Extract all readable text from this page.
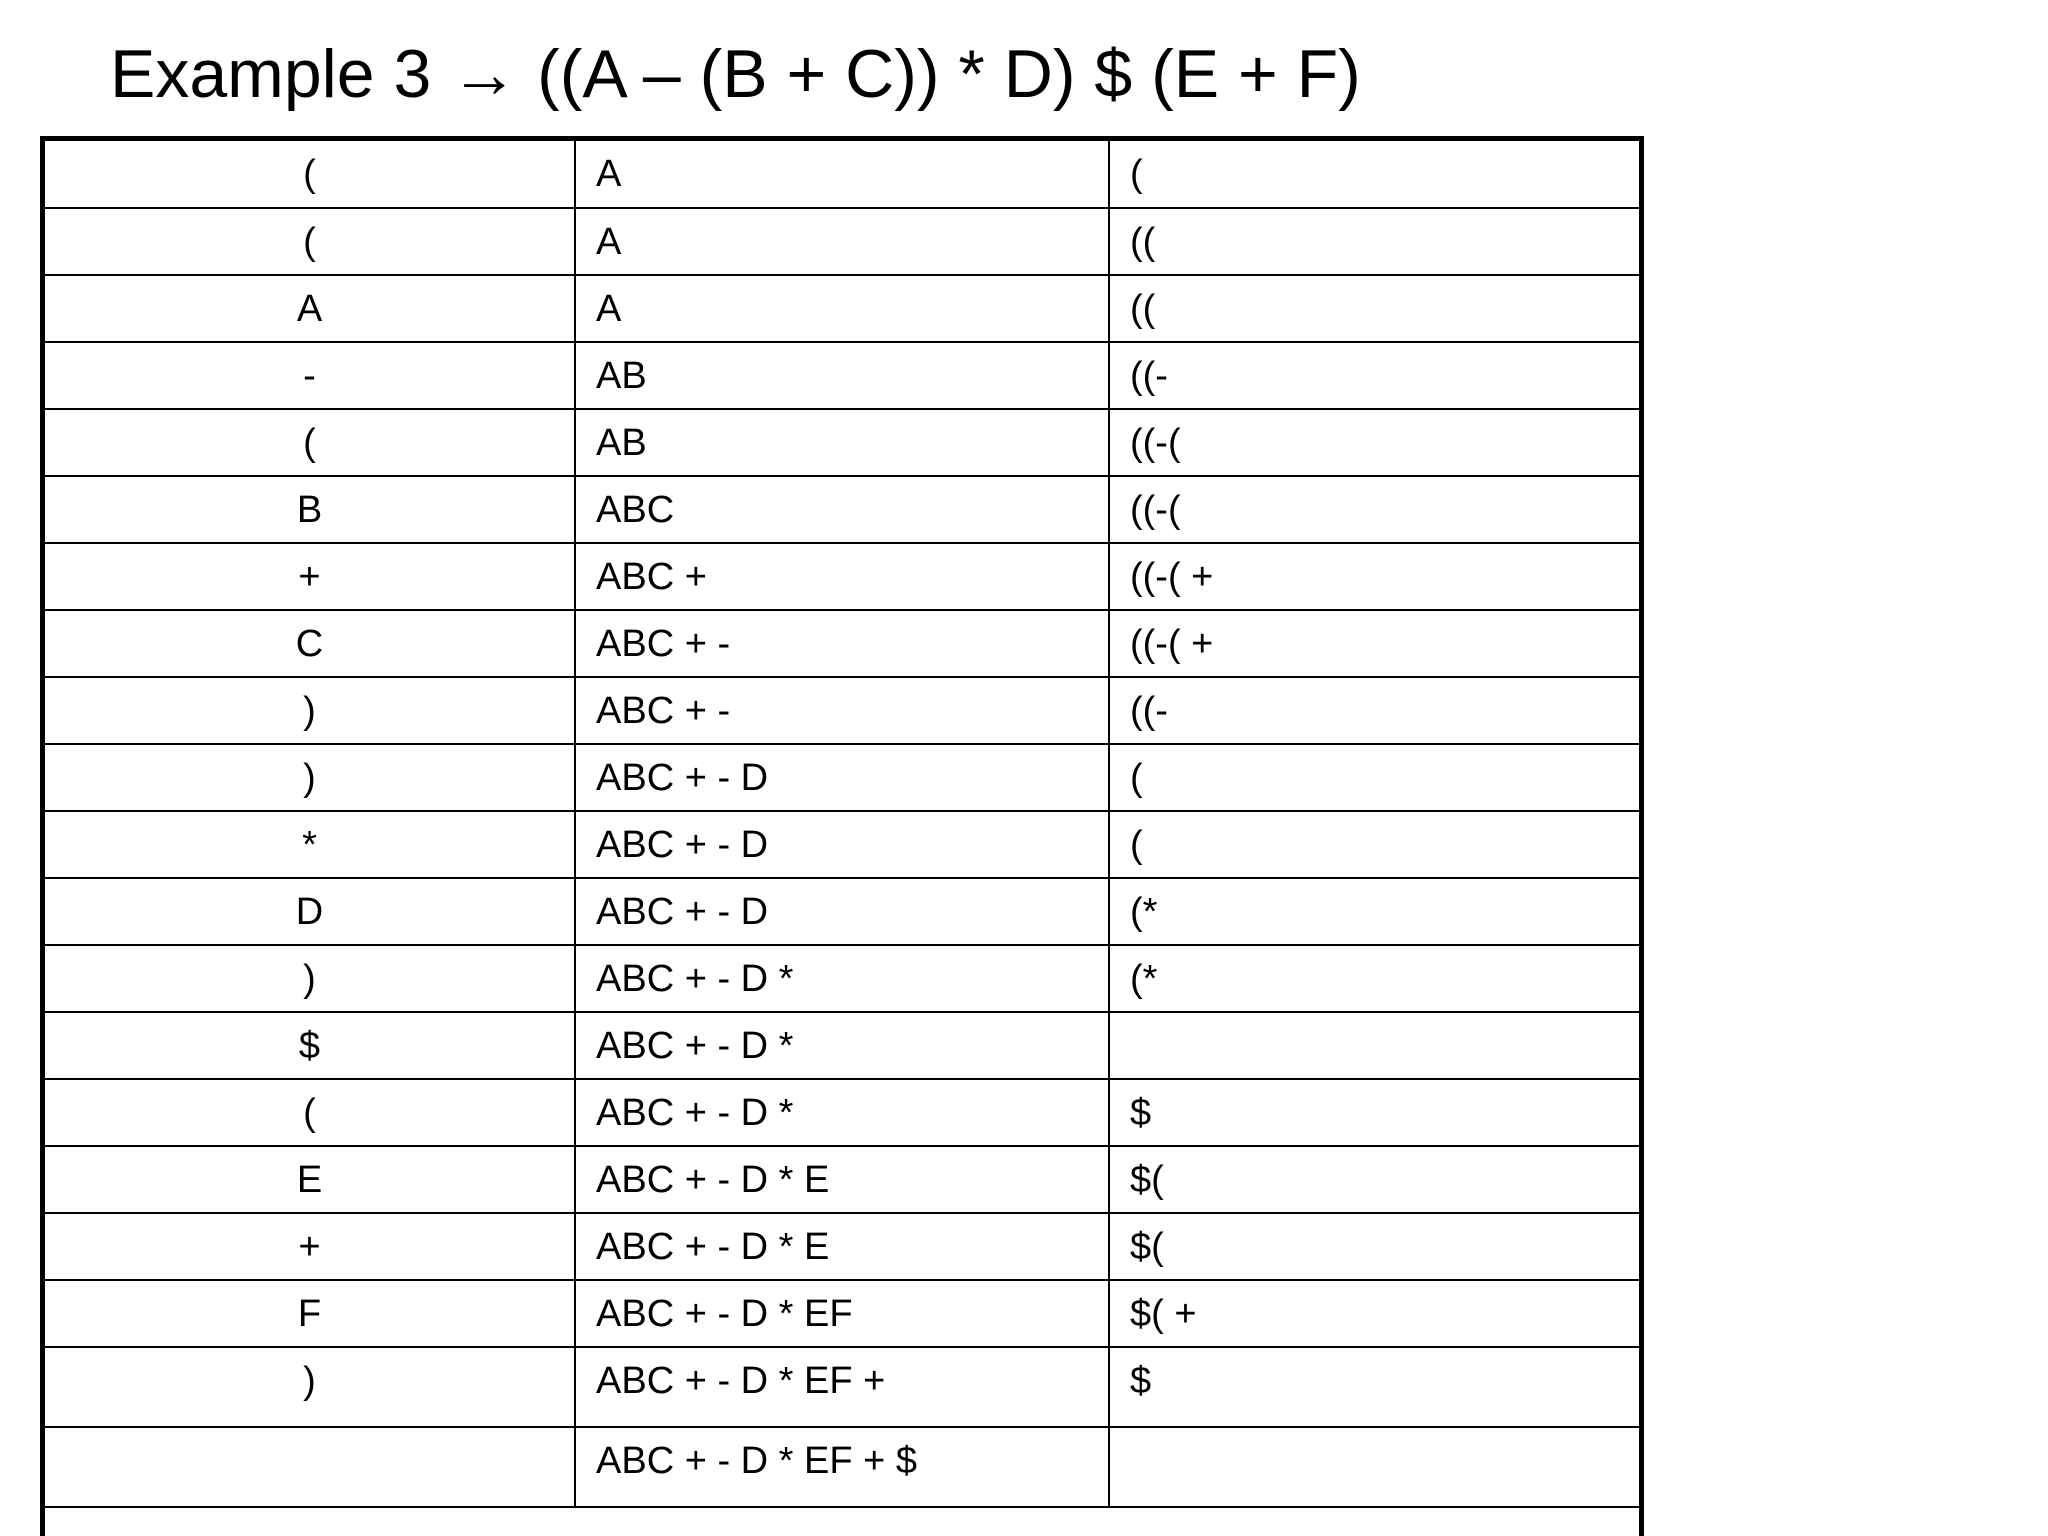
Example 3 → ((A – (B + C)) * D) $ (E + F)
(	A	(
(	A	((
A	A	((
-	AB	((-
(	AB	((-(
B	ABC	((-(
+	ABC +	((-( +
C	ABC + -	((-( +
)	ABC + -	((-
)	ABC + - D	(
*	ABC + - D	(
D	ABC + - D	(*
)	ABC + - D *	(*
$	ABC + - D *	
(	ABC + - D *	$
E	ABC + - D * E	$(
+	ABC + - D * E	$(
F	ABC + - D * EF	$( +
)	ABC + - D * EF +	$
	ABC + - D * EF + $	
